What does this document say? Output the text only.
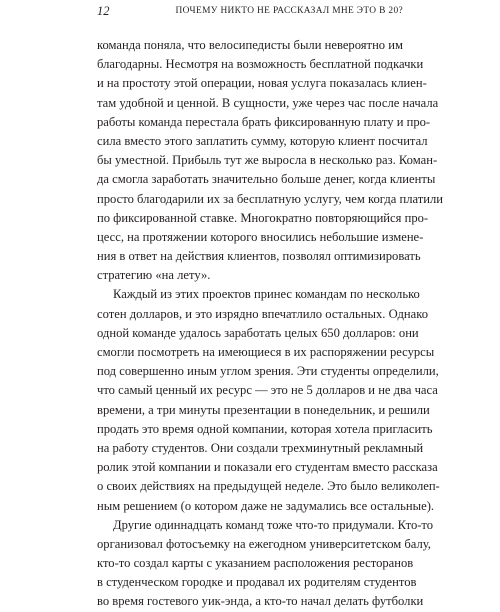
12	ПОЧЕМУ НИКТО НЕ РАССКАЗАЛ МНЕ ЭТО В 20?
команда поняла, что велосипедисты были невероятно им
благодарны. Несмотря на возможность бесплатной подкачки
и на простоту этой операции, новая услуга показалась клиен-
там удобной и ценной. В сущности, уже через час после начала
работы команда перестала брать фиксированную плату и про-
сила вместо этого заплатить сумму, которую клиент посчитал
бы уместной. Прибыль тут же выросла в несколько раз. Коман-
да смогла заработать значительно больше денег, когда клиенты
просто благодарили их за бесплатную услугу, чем когда платили
по фиксированной ставке. Многократно повторяющийся про-
цесс, на протяжении которого вносились небольшие измене-
ния в ответ на действия клиентов, позволял оптимизировать
стратегию «на лету».
Каждый из этих проектов принес командам по несколько
сотен долларов, и это изрядно впечатлило остальных. Однако
одной команде удалось заработать целых 650 долларов: они
смогли посмотреть на имеющиеся в их распоряжении ресурсы
под совершенно иным углом зрения. Эти студенты определили,
что самый ценный их ресурс — это не 5 долларов и не два часа
времени, а три минуты презентации в понедельник, и решили
продать это время одной компании, которая хотела пригласить
на работу студентов. Они создали трехминутный рекламный
ролик этой компании и показали его студентам вместо рассказа
о своих действиях на предыдущей неделе. Это было великолеп-
ным решением (о котором даже не задумались все остальные).
Другие одиннадцать команд тоже что-то придумали. Кто-то
организовал фотосъемку на ежегодном университетском балу,
кто-то создал карты с указанием расположения ресторанов
в студенческом городке и продавал их родителям студентов
во время гостевого уик-энда, а кто-то начал делать футболки
